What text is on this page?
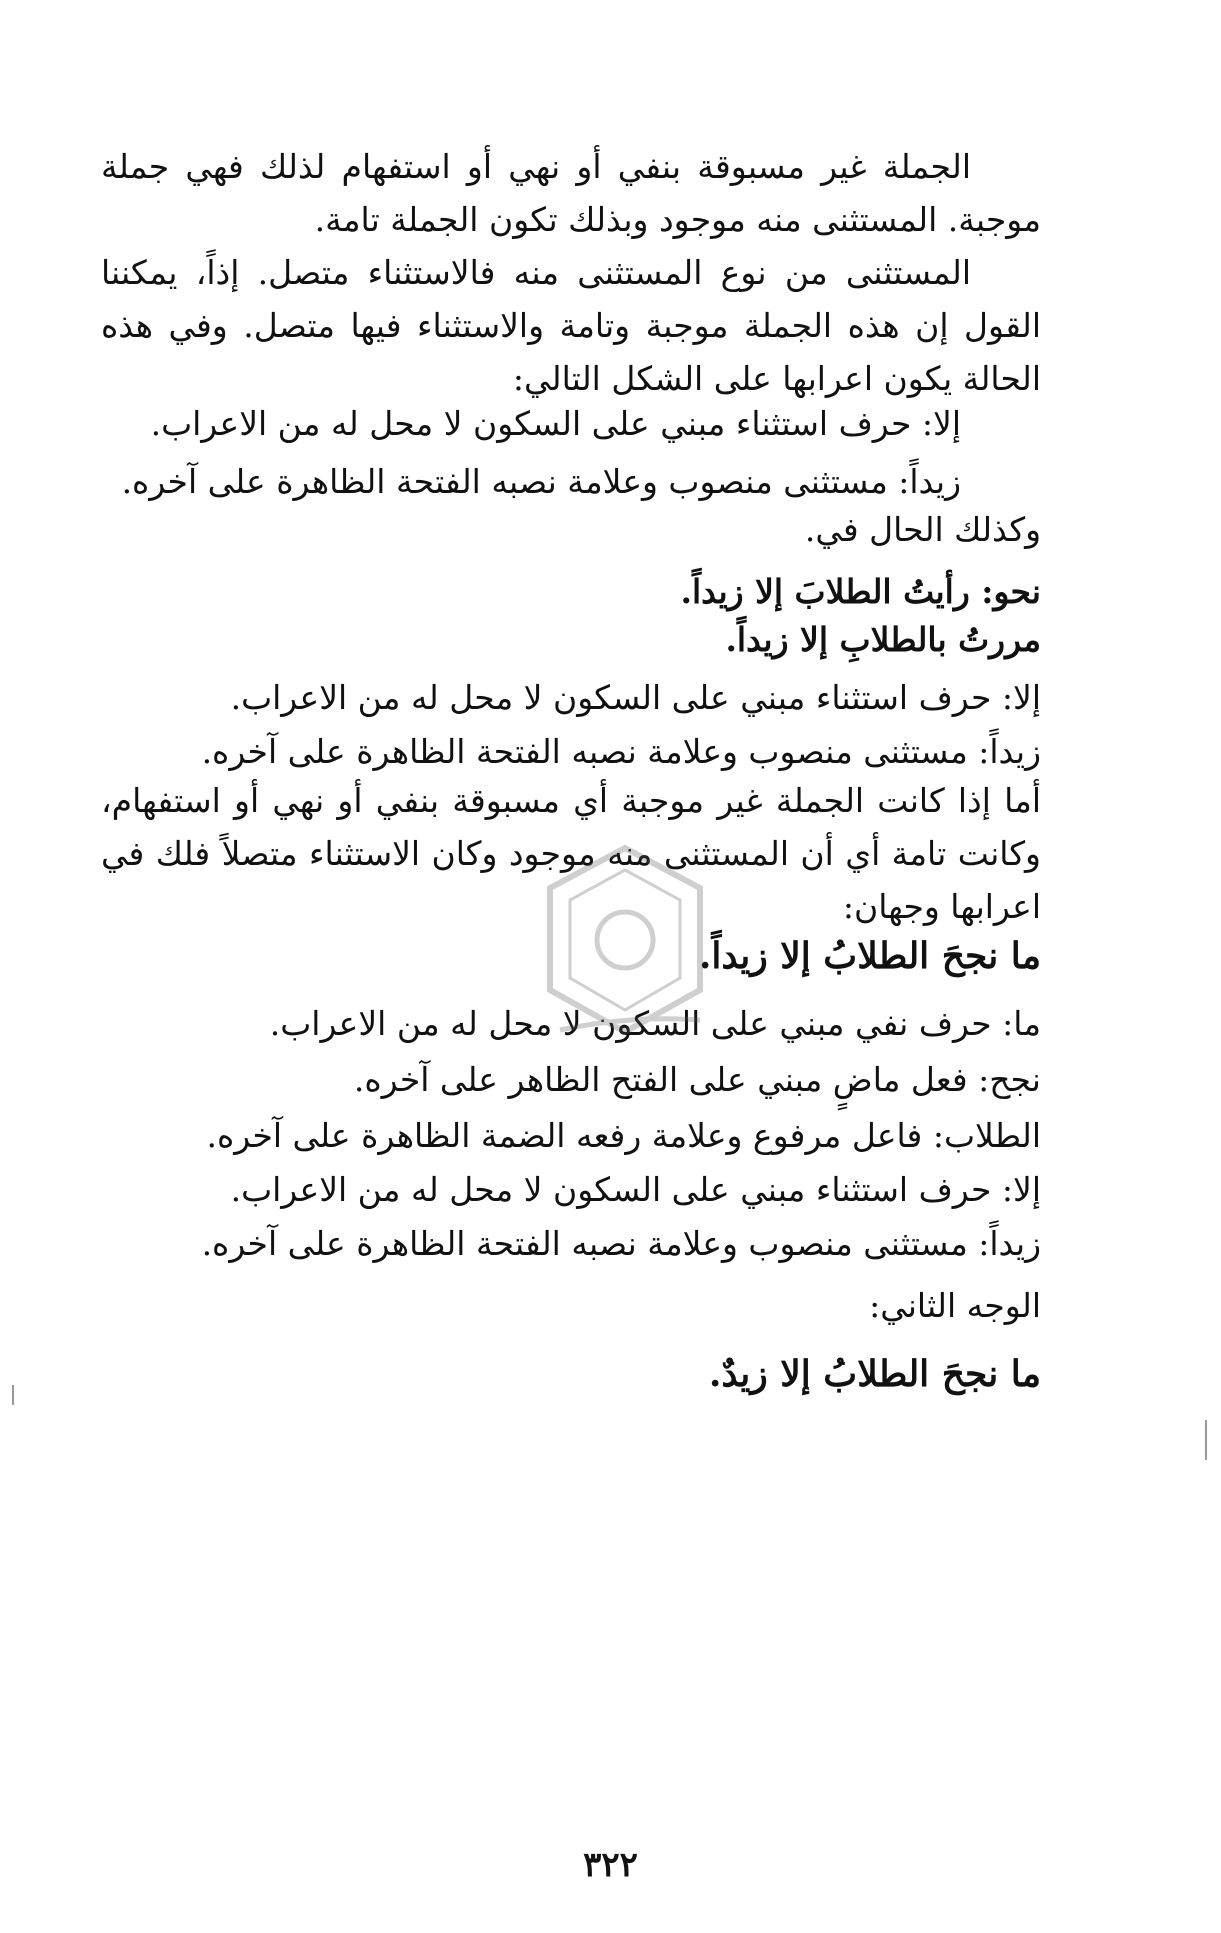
الجملة غير مسبوقة بنفي أو نهي أو استفهام لذلك فهي جملة موجبة. المستثنى منه موجود وبذلك تكون الجملة تامة.
المستثنى من نوع المستثنى منه فالاستثناء متصل. إذاً، يمكننا القول إن هذه الجملة موجبة وتامة والاستثناء فيها متصل. وفي هذه الحالة يكون اعرابها على الشكل التالي:
إلا: حرف استثناء مبني على السكون لا محل له من الاعراب.
زيداً: مستثنى منصوب وعلامة نصبه الفتحة الظاهرة على آخره.
وكذلك الحال في.
نحو: رأيتُ الطلابَ إلا زيداً.
مررتُ بالطلابِ إلا زيداً.
إلا: حرف استثناء مبني على السكون لا محل له من الاعراب.
زيداً: مستثنى منصوب وعلامة نصبه الفتحة الظاهرة على آخره.
أما إذا كانت الجملة غير موجبة أي مسبوقة بنفي أو نهي أو استفهام، وكانت تامة أي أن المستثنى منه موجود وكان الاستثناء متصلاً فلك في اعرابها وجهان:
ما نجحَ الطلابُ إلا زيداً.
ما: حرف نفي مبني على السكون لا محل له من الاعراب.
نجح: فعل ماضٍ مبني على الفتح الظاهر على آخره.
الطلاب: فاعل مرفوع وعلامة رفعه الضمة الظاهرة على آخره.
إلا: حرف استثناء مبني على السكون لا محل له من الاعراب.
زيداً: مستثنى منصوب وعلامة نصبه الفتحة الظاهرة على آخره.
الوجه الثاني:
ما نجحَ الطلابُ إلا زيدٌ.
٣٢٢
